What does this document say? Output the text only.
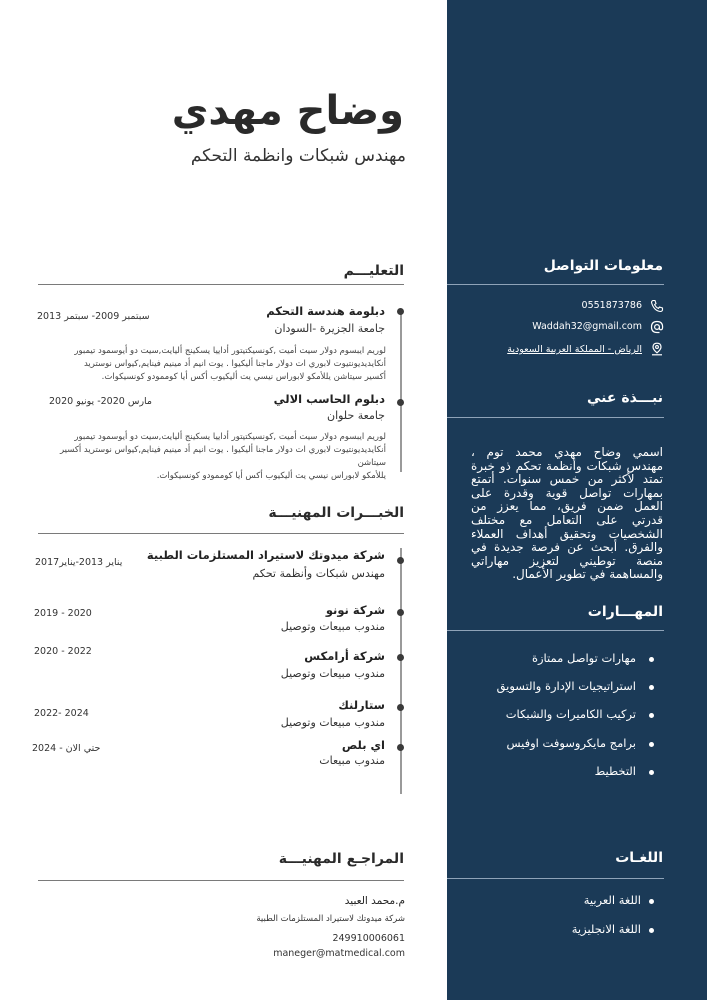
وضاح مهدي
مهندس شبكات وانظمة التحكم
التعليـــم
دبلومة هندسة التحكم
جامعة الجزيرة -السودان
سبتمبر 2009- سبتمر 2013
لوريم ايبسوم دولار سيت أميت ,كونسيكتيتور أداييا يسكينج أليايت,سيت دو أيوسمود تيمبور
أنكايديديونتيوت لابوري ات دولار ماجنا أليكيوا . يوت انيم أد مينيم فينايم,كيواس نوستريد
أكسير سيتاشن يللأمكو لابوراس نيسي يت أليكيوب أكس أيا كوممودو كونسيكوات.
دبلوم الحاسب الالي
جامعة حلوان
مارس 2020- يونيو 2020
لوريم ايبسوم دولار سيت أميت ,كونسيكتيتور أداييا يسكينج أليايت,سيت دو أيوسمود تيمبور
أنكايديديونتيوت لابوري ات دولار ماجنا أليكيوا . يوت انيم أد مينيم فينايم,كيواس نوستريد أكسير سيتاشن
يللأمكو لابوراس نيسي يت أليكيوب أكس أيا كوممودو كونسيكوات.
الخبـــرات المهنيـــة
شركة ميدوتك لاستيراد المستلزمات الطبية
مهندس شبكات وأنظمة تحكم
يناير 2013-يناير2017
شركة نونو
مندوب مبيعات وتوصيل
2019 - 2020
شركة أرامكس
مندوب مبيعات وتوصيل
2020 - 2022
ستارلنك
مندوب مبيعات وتوصيل
2022- 2024
اي بلص
مندوب مبيعات
حتي الان - 2024
المراجـع المهنيـــة
م.محمد العبيد
شركة ميدوتك لاستيراد المستلزمات الطبية
249910006061
maneger@matmedical.com
معلومات التواصل
0551873786
Waddah32@gmail.com
الرياض - المملكة العربية السعودية
نبـــذة عني
اسمي وضاح مهدي محمد توم ، مهندس شبكات وأنظمة تحكم ذو خبرة تمتد لأكثر من خمس سنوات. أتمتع بمهارات تواصل قوية وقدرة على العمل ضمن فريق، مما يعزز من قدرتي على التعامل مع مختلف الشخصيات وتحقيق أهداف العملاء والفرق. أبحث عن فرصة جديدة في منصة توطيني لتعزيز مهاراتي والمساهمة في تطوير الأعمال.
المهـــارات
مهارات تواصل ممتازة
استراتيجيات الإدارة والتسويق
تركيب الكاميرات والشبكات
برامج مايكروسوفت اوفيس
التخطيط
اللغـات
اللغة العربية
اللغة الانجليزية
